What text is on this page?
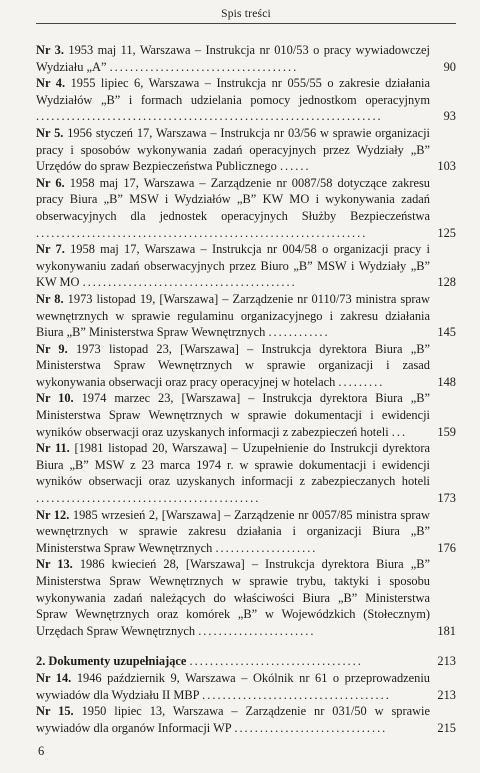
Spis treści
Nr 3. 1953 maj 11, Warszawa – Instrukcja nr 010/53 o pracy wywiadowczej Wydziału „A” .....................................	90
Nr 4. 1955 lipiec 6, Warszawa – Instrukcja nr 055/55 o zakresie działania Wydziałów „B” i formach udzielania pomocy jednostkom operacyjnym ....................................................................	93
Nr 5. 1956 styczeń 17, Warszawa – Instrukcja nr 03/56 w sprawie organizacji pracy i sposobów wykonywania zadań operacyjnych przez Wydziały „B” Urzędów do spraw Bezpieczeństwa Publicznego ......	103
Nr 6. 1958 maj 17, Warszawa – Zarządzenie nr 0087/58 dotyczące zakresu pracy Biura „B” MSW i Wydziałów „B” KW MO i wykonywania zadań obserwacyjnych dla jednostek operacyjnych Służby Bezpieczeństwa .................................................................	125
Nr 7. 1958 maj 17, Warszawa – Instrukcja nr 004/58 o organizacji pracy i wykonywaniu zadań obserwacyjnych przez Biuro „B” MSW i Wydziały „B” KW MO ..........................................	128
Nr 8. 1973 listopad 19, [Warszawa] – Zarządzenie nr 0110/73 ministra spraw wewnętrznych w sprawie regulaminu organizacyjnego i zakresu działania Biura „B” Ministerstwa Spraw Wewnętrznych ............	145
Nr 9. 1973 listopad 23, [Warszawa] – Instrukcja dyrektora Biura „B” Ministerstwa Spraw Wewnętrznych w sprawie organizacji i zasad wykonywania obserwacji oraz pracy operacyjnej w hotelach .........	148
Nr 10. 1974 marzec 23, [Warszawa] – Instrukcja dyrektora Biura „B” Ministerstwa Spraw Wewnętrznych w sprawie dokumentacji i ewidencji wyników obserwacji oraz uzyskanych informacji z zabezpieczeń hoteli ...	159
Nr 11. [1981 listopad 20, Warszawa] – Uzupełnienie do Instrukcji dyrektora Biura „B” MSW z 23 marca 1974 r. w sprawie dokumentacji i ewidencji wyników obserwacji oraz uzyskanych informacji z zabezpieczanych hoteli ............................................	173
Nr 12. 1985 wrzesień 2, [Warszawa] – Zarządzenie nr 0057/85 ministra spraw wewnętrznych w sprawie zakresu działania i organizacji Biura „B” Ministerstwa Spraw Wewnętrznych ....................	176
Nr 13. 1986 kwiecień 28, [Warszawa] – Instrukcja dyrektora Biura „B” Ministerstwa Spraw Wewnętrznych w sprawie trybu, taktyki i sposobu wykonywania zadań należących do właściwości Biura „B” Ministerstwa Spraw Wewnętrznych oraz komórek „B” w Wojewódzkich (Stołecznym) Urzędach Spraw Wewnętrznych .......................	181
2. Dokumenty uzupełniające ..................................	213
Nr 14. 1946 październik 9, Warszawa – Okólnik nr 61 o przeprowadzeniu wywiadów dla Wydziału II MBP .....................................	213
Nr 15. 1950 lipiec 13, Warszawa – Zarządzenie nr 031/50 w sprawie wywiadów dla organów Informacji WP ..............................	215
6
